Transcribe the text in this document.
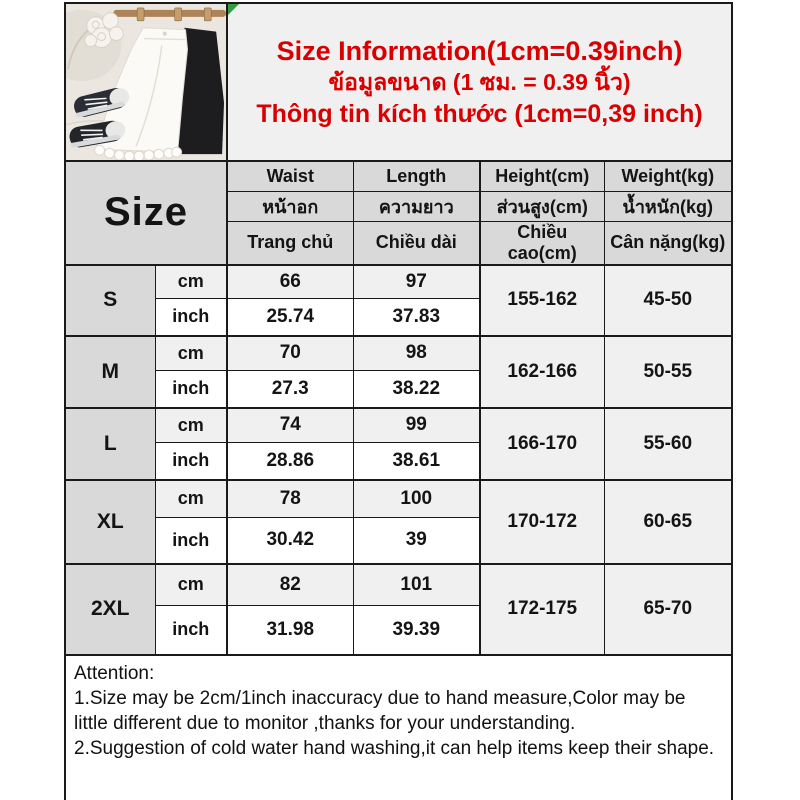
Size Information(1cm=0.39inch)
ข้อมูลขนาด (1 ซม. = 0.39 นิ้ว)
Thông tin kích thước (1cm=0,39 inch)			

Size		Waist	Length	Height(cm)	Weight(kg)
		หน้าอก	ความยาว	ส่วนสูง(cm)	น้ำหนัก(kg)
		Trang chủ	Chiều dài	Chiều cao(cm)	Cân nặng(kg)
S	cm	66	97	155-162	45-50
	inch	25.74	37.83		
M	cm	70	98	162-166	50-55
	inch	27.3	38.22		
L	cm	74	99	166-170	55-60
	inch	28.86	38.61		
XL	cm	78	100	170-172	60-65
	inch	30.42	39		
2XL	cm	82	101	172-175	65-70
	inch	31.98	39.39		

Attention:
1.Size may be 2cm/1inch inaccuracy due to hand measure,Color may be little different due to monitor ,thanks for your understanding.
2.Suggestion of cold water hand washing,it can help items keep their shape.					
